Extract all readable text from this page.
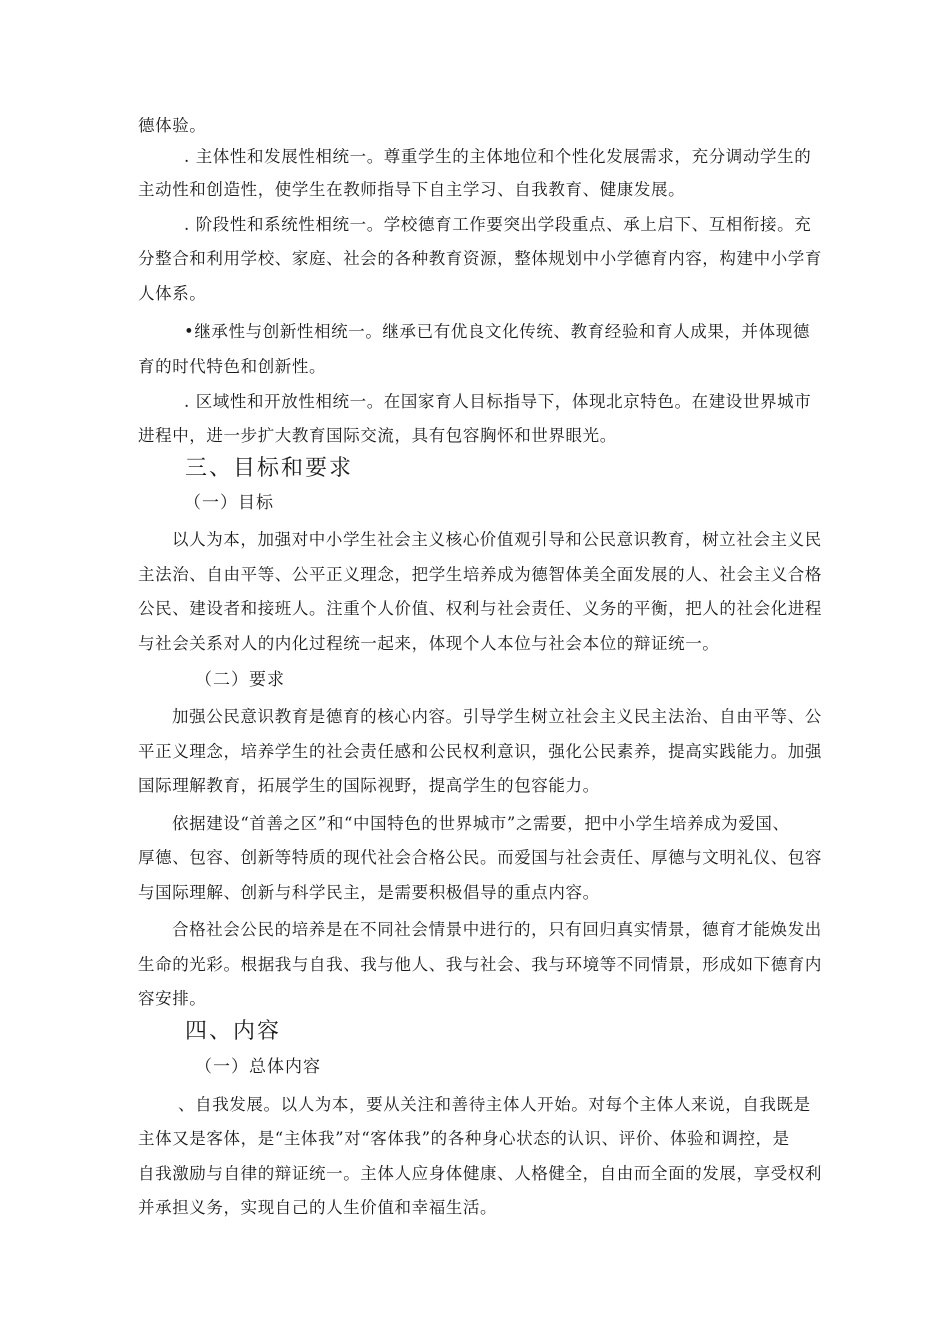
德体验。
. 主体性和发展性相统一。尊重学生的主体地位和个性化发展需求，充分调动学生的
主动性和创造性，使学生在教师指导下自主学习、自我教育、健康发展。
. 阶段性和系统性相统一。学校德育工作要突出学段重点、承上启下、互相衔接。充
分整合和利用学校、家庭、社会的各种教育资源，整体规划中小学德育内容，构建中小学育
人体系。
•继承性与创新性相统一。继承已有优良文化传统、教育经验和育人成果，并体现德
育的时代特色和创新性。
. 区域性和开放性相统一。在国家育人目标指导下，体现北京特色。在建设世界城市
进程中，进一步扩大教育国际交流，具有包容胸怀和世界眼光。
三、目标和要求
（一）目标
以人为本，加强对中小学生社会主义核心价值观引导和公民意识教育，树立社会主义民
主法治、自由平等、公平正义理念，把学生培养成为德智体美全面发展的人、社会主义合格
公民、建设者和接班人。注重个人价值、权利与社会责任、义务的平衡，把人的社会化进程
与社会关系对人的内化过程统一起来，体现个人本位与社会本位的辩证统一。
（二）要求
加强公民意识教育是德育的核心内容。引导学生树立社会主义民主法治、自由平等、公
平正义理念，培养学生的社会责任感和公民权利意识，强化公民素养，提高实践能力。加强
国际理解教育，拓展学生的国际视野，提高学生的包容能力。
依据建设“首善之区”和“中国特色的世界城市”之需要，把中小学生培养成为爱国、
厚德、包容、创新等特质的现代社会合格公民。而爱国与社会责任、厚德与文明礼仪、包容
与国际理解、创新与科学民主，是需要积极倡导的重点内容。
合格社会公民的培养是在不同社会情景中进行的，只有回归真实情景，德育才能焕发出
生命的光彩。根据我与自我、我与他人、我与社会、我与环境等不同情景，形成如下德育内
容安排。
四、内容
（一）总体内容
、自我发展。以人为本，要从关注和善待主体人开始。对每个主体人来说，自我既是
主体又是客体，是“主体我”对“客体我”的各种身心状态的认识、评价、体验和调控，是
自我激励与自律的辩证统一。主体人应身体健康、人格健全，自由而全面的发展，享受权利
并承担义务，实现自己的人生价值和幸福生活。
